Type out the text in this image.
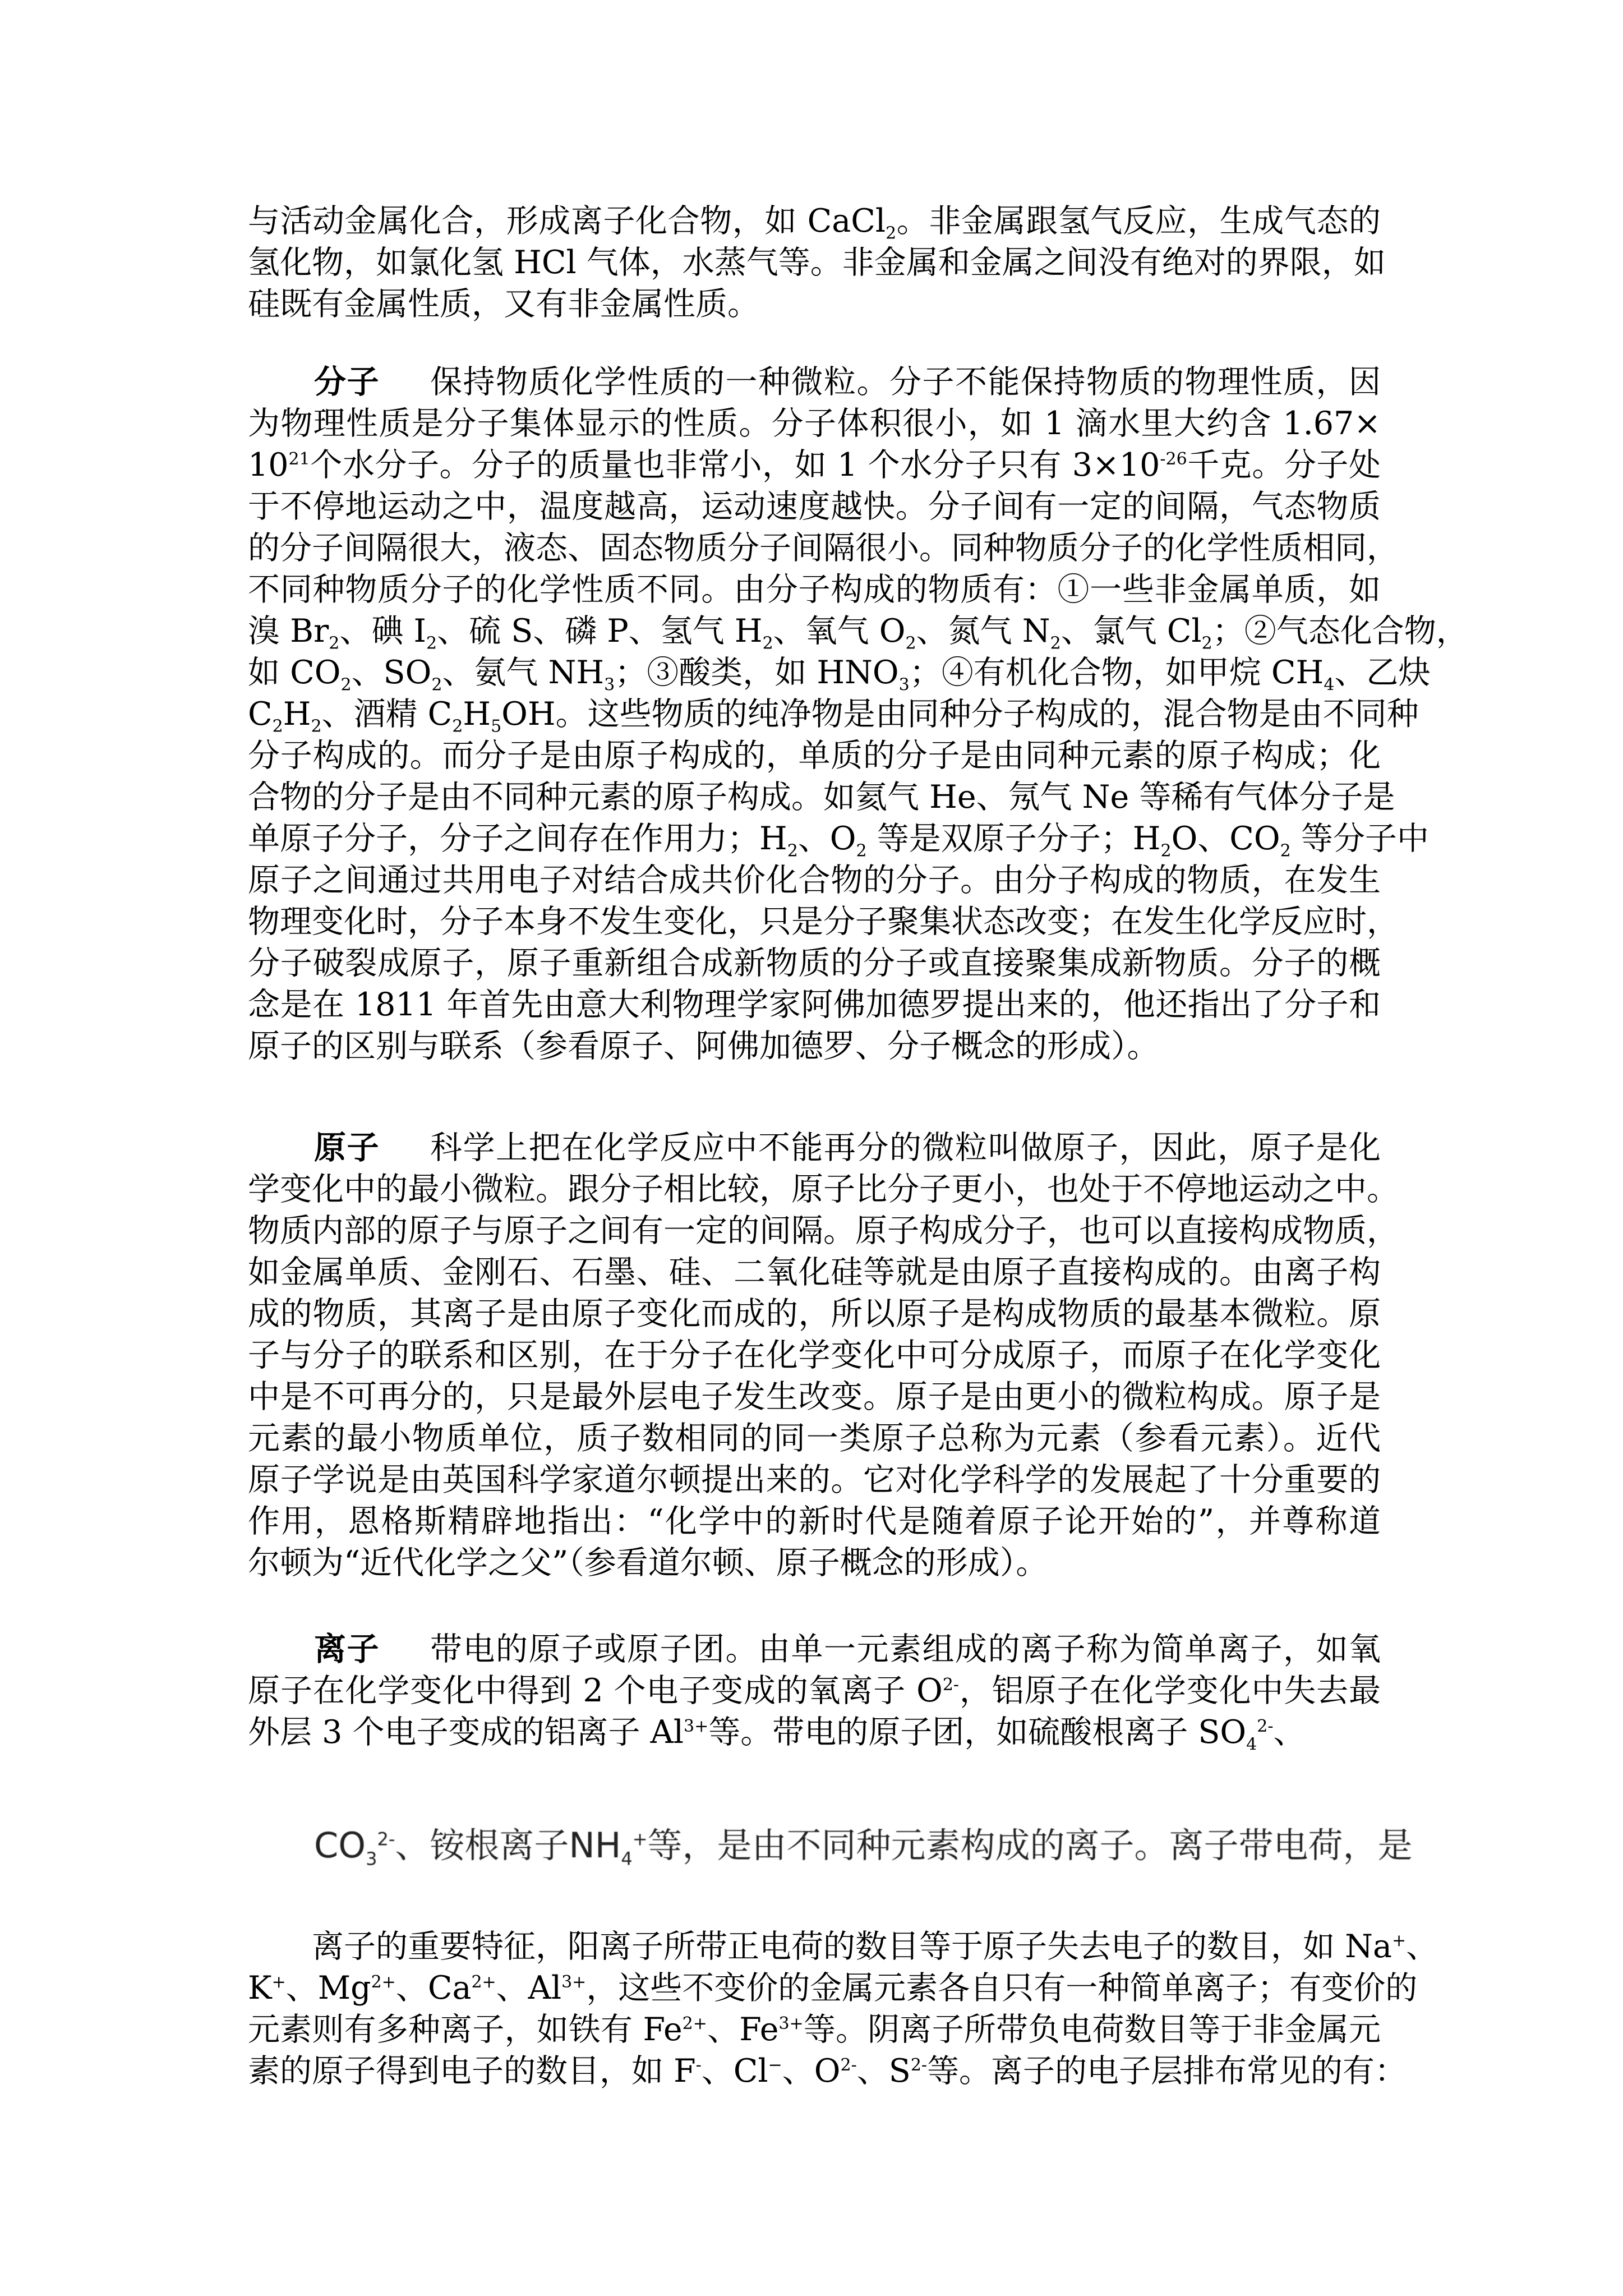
与活动金属化合，形成离子化合物，如 CaCl$_2$。非金属跟氢气反应，生成气态的
氢化物，如氯化氢 HCl 气体，水蒸气等。非金属和金属之间没有绝对的界限，如
硅既有金属性质，又有非金属性质。
分子 保持物质化学性质的一种微粒。分子不能保持物质的物理性质，因
为物理性质是分子集体显示的性质。分子体积很小，如 1 滴水里大约含 1.67×
$10^{21}$个水分子。分子的质量也非常小，如 1 个水分子只有 $3\times 10^{-26}$千克。分子处
于不停地运动之中，温度越高，运动速度越快。分子间有一定的间隔，气态物质
的分子间隔很大，液态、固态物质分子间隔很小。同种物质分子的化学性质相同，
不同种物质分子的化学性质不同。由分子构成的物质有：①一些非金属单质，如
溴 $Br_2$、碘 $I_2$、硫 S、磷 P、氢气 $H_2$、氧气 $O_2$、氮气 $N_2$、氯气 $Cl_2$；②气态化合物，
如 $CO_2$、$SO_2$、氨气 $NH_3$；③酸类，如 $HNO_3$；④有机化合物，如甲烷 $CH_4$、乙炔
$C_2H_2$、酒精 $C_2H_5OH$。这些物质的纯净物是由同种分子构成的，混合物是由不同种
分子构成的。而分子是由原子构成的，单质的分子是由同种元素的原子构成；化
合物的分子是由不同种元素的原子构成。如氦气 He、氖气 Ne 等稀有气体分子是
单原子分子，分子之间存在作用力；$H_2$、$O_2$ 等是双原子分子；$H_2O$、$CO_2$ 等分子中
原子之间通过共用电子对结合成共价化合物的分子。由分子构成的物质，在发生
物理变化时，分子本身不发生变化，只是分子聚集状态改变；在发生化学反应时，
分子破裂成原子，原子重新组合成新物质的分子或直接聚集成新物质。分子的概
念是在 1811 年首先由意大利物理学家阿佛加德罗提出来的，他还指出了分子和
原子的区别与联系（参看原子、阿佛加德罗、分子概念的形成）。
原子 科学上把在化学反应中不能再分的微粒叫做原子，因此，原子是化
学变化中的最小微粒。跟分子相比较，原子比分子更小，也处于不停地运动之中。
物质内部的原子与原子之间有一定的间隔。原子构成分子，也可以直接构成物质，
如金属单质、金刚石、石墨、硅、二氧化硅等就是由原子直接构成的。由离子构
成的物质，其离子是由原子变化而成的，所以原子是构成物质的最基本微粒。原
子与分子的联系和区别，在于分子在化学变化中可分成原子，而原子在化学变化
中是不可再分的，只是最外层电子发生改变。原子是由更小的微粒构成。原子是
元素的最小物质单位，质子数相同的同一类原子总称为元素（参看元素）。近代
原子学说是由英国科学家道尔顿提出来的。它对化学科学的发展起了十分重要的
作用，恩格斯精辟地指出：“化学中的新时代是随着原子论开始的”，并尊称道
尔顿为“近代化学之父”（参看道尔顿、原子概念的形成）。
离子 带电的原子或原子团。由单一元素组成的离子称为简单离子，如氧
原子在化学变化中得到 2 个电子变成的氧离子 $O^{2-}$，铝原子在化学变化中失去最
外层 3 个电子变成的铝离子 $Al^{3+}$等。带电的原子团，如硫酸根离子 $SO_4^{2-}$、
$CO_3^{2-}$、铵根离子$NH_4^+$等，是由不同种元素构成的离子。离子带电荷，是
　　离子的重要特征，阳离子所带正电荷的数目等于原子失去电子的数目，如 Na+、
K+、$Mg^{2+}$、$Ca^{2+}$、$Al^{3+}$，这些不变价的金属元素各自只有一种简单离子；有变价的
元素则有多种离子，如铁有 $Fe^{2+}$、$Fe^{3+}$等。阴离子所带负电荷数目等于非金属元
素的原子得到电子的数目，如 F-、Cl−、$O^{2-}$、$S^{2-}$等。离子的电子层排布常见的有：
